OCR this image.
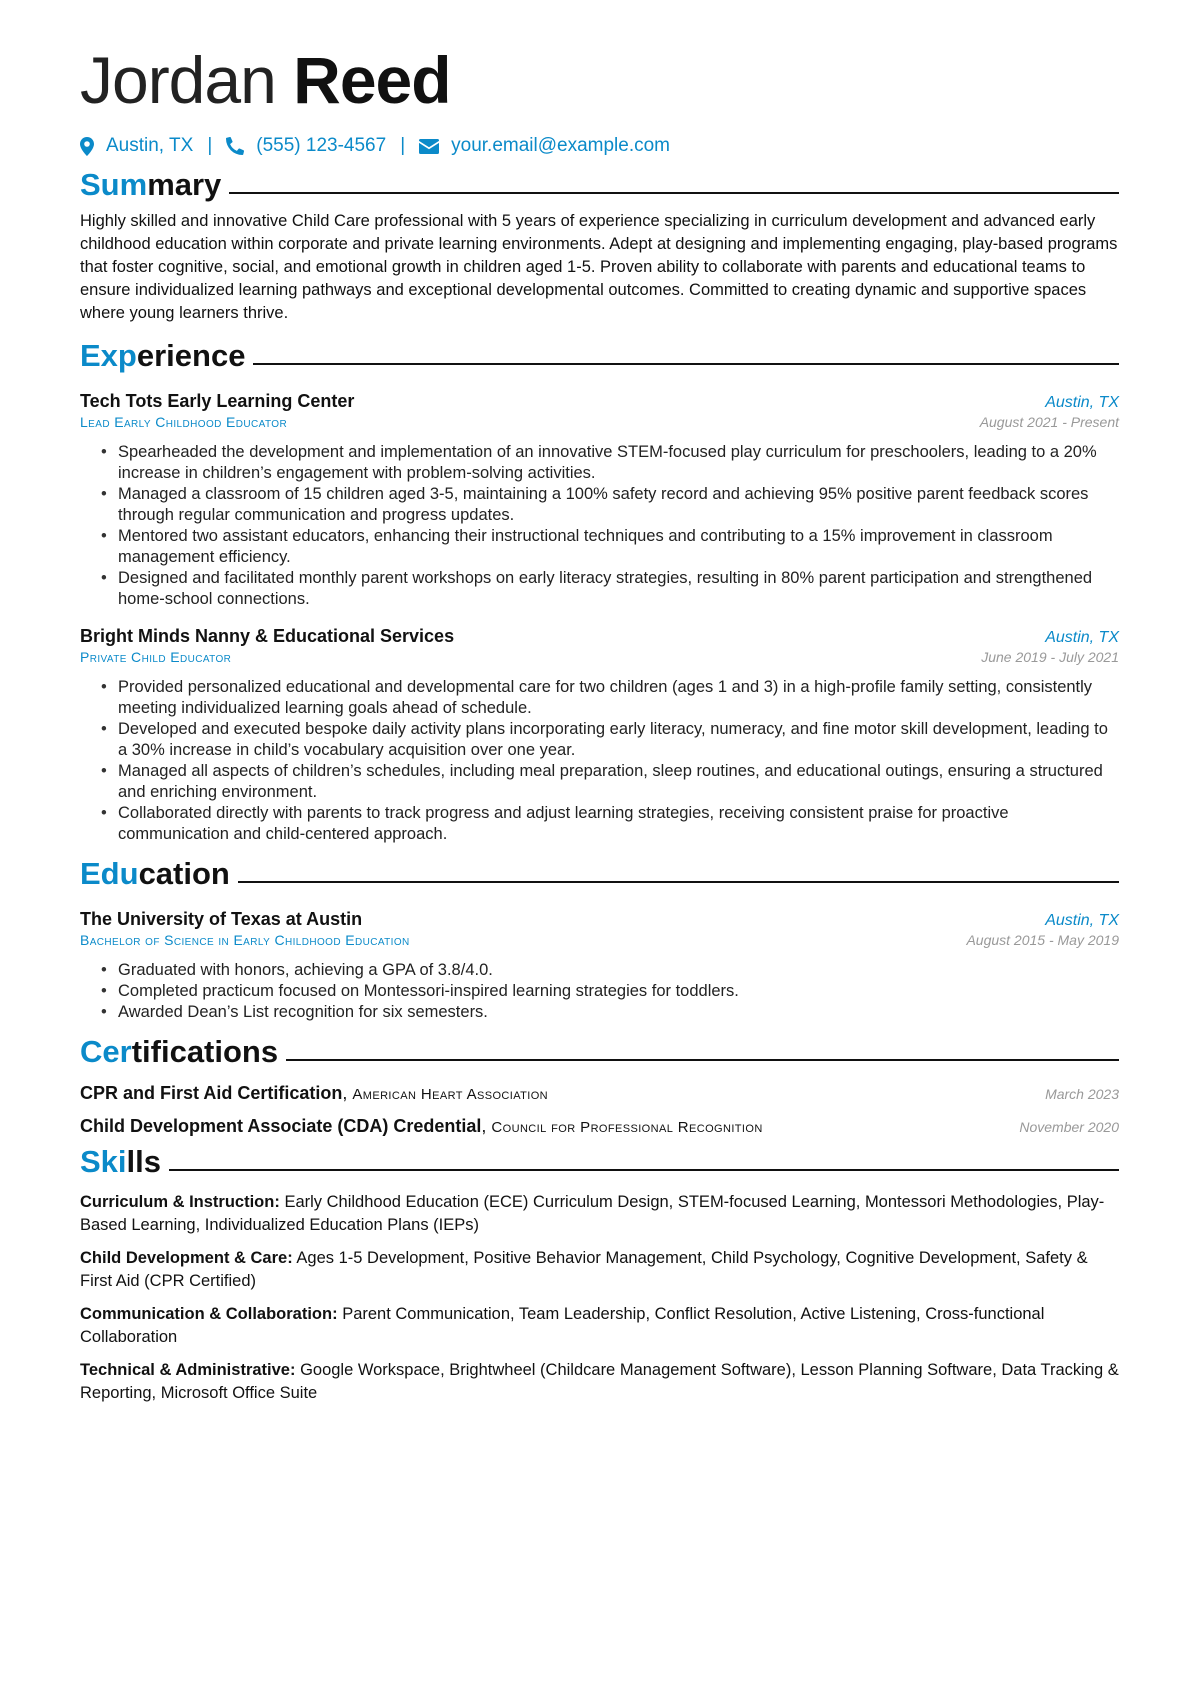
Jordan Reed
Austin, TX | (555) 123-4567 | your.email@example.com
Summary
Highly skilled and innovative Child Care professional with 5 years of experience specializing in curriculum development and advanced early childhood education within corporate and private learning environments. Adept at designing and implementing engaging, play-based programs that foster cognitive, social, and emotional growth in children aged 1-5. Proven ability to collaborate with parents and educational teams to ensure individualized learning pathways and exceptional developmental outcomes. Committed to creating dynamic and supportive spaces where young learners thrive.
Experience
Tech Tots Early Learning Center	Austin, TX
Lead Early Childhood Educator	August 2021 - Present
• Spearheaded the development and implementation of an innovative STEM-focused play curriculum for preschoolers, leading to a 20% increase in children’s engagement with problem-solving activities.
• Managed a classroom of 15 children aged 3-5, maintaining a 100% safety record and achieving 95% positive parent feedback scores through regular communication and progress updates.
• Mentored two assistant educators, enhancing their instructional techniques and contributing to a 15% improvement in classroom management efficiency.
• Designed and facilitated monthly parent workshops on early literacy strategies, resulting in 80% parent participation and strengthened home-school connections.
Bright Minds Nanny & Educational Services	Austin, TX
Private Child Educator	June 2019 - July 2021
• Provided personalized educational and developmental care for two children (ages 1 and 3) in a high-profile family setting, consistently meeting individualized learning goals ahead of schedule.
• Developed and executed bespoke daily activity plans incorporating early literacy, numeracy, and fine motor skill development, leading to a 30% increase in child’s vocabulary acquisition over one year.
• Managed all aspects of children’s schedules, including meal preparation, sleep routines, and educational outings, ensuring a structured and enriching environment.
• Collaborated directly with parents to track progress and adjust learning strategies, receiving consistent praise for proactive communication and child-centered approach.
Education
The University of Texas at Austin	Austin, TX
Bachelor of Science in Early Childhood Education	August 2015 - May 2019
• Graduated with honors, achieving a GPA of 3.8/4.0.
• Completed practicum focused on Montessori-inspired learning strategies for toddlers.
• Awarded Dean’s List recognition for six semesters.
Certifications
CPR and First Aid Certification, American Heart Association	March 2023
Child Development Associate (CDA) Credential, Council for Professional Recognition	November 2020
Skills
Curriculum & Instruction: Early Childhood Education (ECE) Curriculum Design, STEM-focused Learning, Montessori Methodologies, Play-Based Learning, Individualized Education Plans (IEPs)
Child Development & Care: Ages 1-5 Development, Positive Behavior Management, Child Psychology, Cognitive Development, Safety & First Aid (CPR Certified)
Communication & Collaboration: Parent Communication, Team Leadership, Conflict Resolution, Active Listening, Cross-functional Collaboration
Technical & Administrative: Google Workspace, Brightwheel (Childcare Management Software), Lesson Planning Software, Data Tracking & Reporting, Microsoft Office Suite
